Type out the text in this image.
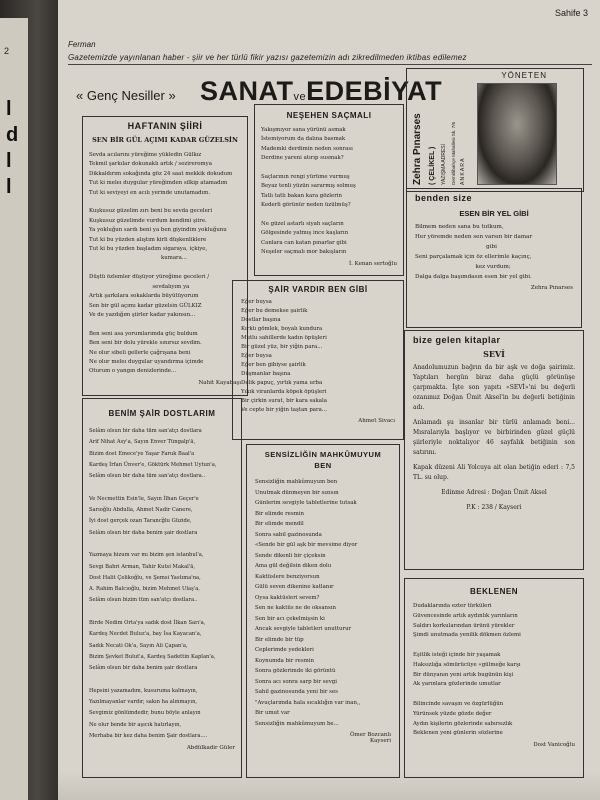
2
l
d
l
l
Sahife 3
Ferman
Gazetemizde yayınlanan haber - şiir ve her türlü fikir yazısı gazetemizin adı zikredilmeden iktibas edilemez
« Genç Nesiller » SANATveEDEBİYAT
YÖNETEN
Zehra Pınarses ( ÇELİKEL ) YAZIŞMA ADRESİ Demirlibahçe Mahallesi Sk. 7/6 A N K A R A
HAFTANIN ŞİİRİ
SEN BİR GÜL AÇIMI KADAR GÜZELSİN
Sevda acılarını yüreğime yükledin Gülkız
Tekmil şarkılar dokunaklı artık / sezireromya
Dikkaldırım sokağında göz 24 saat mekkik dokudum
Tut ki meleı duygular yüreğimden silkip atamadım
Tut ki seviyeyi en acılı yerinde unutamadım.

Kuşkusuz güzelim zırı beni bu sevda geceleri
Kuşkusuz güzelimde vurdum kendimi şiire.
Ya yokluğun sardı beni ya ben giyindim yokluğunu
Tut ki bu yüzden alıştım kirli düşkenliklere
Tut ki bu yüzden başladım sigaraya, içkiye,
kumara...

Düştü özlemler düşüyor yüreğime geceleri /
sevdalıyım ya
Artık şarkılara sokaklarda büyütüyorum
Sen bir gül açımı kadar güzelsin GÜLKIZ
Ve de yazdığım şiirler kadar yakınsın...

Ben seni asa yorumlarımda güç buldum
Ben seni bir dolu yürekle sınırsız sevdim.
Ne olur sibeli gellerle çağrışana beni
Ne olur meleı duygular uyandırma içimde
Oturum o yangın denizlerinde...
Nahit Kayabaşı
NEŞEHEN SAÇMALI
Yakışmıyor sana yürünü asmak
İstemiyorum da dalına basmak
Mademki derdimin neden sonrası
Derdine yareni atırıp susmak?

Saçlarının rengi yürüme vurmuş
Beyaz tenli yüzün sararmış solmuş
Tatlı tatlı bakan kara gözlerin
Kederli görünür neden üzülmüş?

Ne güzel astarlı siyah saçların
Gölgesinde yatmış ince kaşların
Canlara can katan pınarlar gibi
Neşeler saçmalı mor bakışların
İ. Kenan sertoğlu
benden size
ESEN BİR YEL GİBİ
Bilmem neden sana bu tutkum,
Her yöremde neden sen varsın bir damar
gibi
Seni parçalamak için öz ellerimle kaçınç,
kez vurdum;
Dalga dalga başımdasın esen bir yel gibi.
Zehra Pınarses
ŞAİR VARDIR BEN GİBİ
Eğer buysa
Eğer bu demekse şairlik
Dostlar başına
Kırklı gömlek, boyalı kundura
Mutlu sahillerde kadın öpüşleri
Bir güzel yüz, bir yiğin para...
Eğer buysa
Eğer ben gibiyse şairlik
Düşmanlar başına
Delik papuç, yırtık yama urba
Yıkık viranlarda köpek öpüşleri
Bir çirkin surat, bir kara sakala
Ve cepte bir yiğin taştan para...
Ahmet Sivacı
bize gelen kitaplar
SEVİ
Anadolumuzun bağrın da bir aşk ve doğa şairimiz. Yaptıları hergün biraz daha güçlü görünüşe çarpmakta. İşte son yapıtı «SEVİ»'ni bu değerli ozanımız Doğan Ümit Aksel'in bu değerli betiğinin adı.
Anlamadı şu insanlar bir türlü anlamadı beni... Mısralarıyla başlıyor ve birbirinden güzel güçlü şiirleriyle noktalıyor 46 sayfalık betiğinin son satırını.
Kapak düzeni Ali Yolcuya ait olan betiğin ederi : 7,5 TL. su olup.
Edinme Adresi : Doğan Ümit Aksel
P.K : 238 / Kayseri
BENİM ŞAİR DOSTLARIM
Selâm olsun bir daha tüm san'atçı dostlara
Arif Nihat Asy'a, Sayın Enver Tüngalp'ā,
Bizim dost Emece'ye Yaşar Faruk Baal'a
Kardeş İrfan Ünver'e, Göktürk Mehmet Uytun'a,
Selâm olsun bir daha tüm san'atçı dostlara..

Ve Necmettin Esin'le, Sayın İlhan Geçer'e
Sarıoğlu Abdulla, Ahmet Nadir Canere,
İyi dost gerçek ozan Tarancğlu Güzide,
Selâm olsun bir daha benim şair dostlara

Yazmaya hizum var mı bizim şen istanbul'a,
Sevgi Bahri Arman, Tahir Kutsi Makal'ā,
Dost Halit Çelikoğlu, ve Şemsi Yastıma'na,
A. Rahim Balcıoğlu, bizim Mehmet Ulaş'a,
Selâm olsun bizim tüm san'atçı dostlara..

Birde Nedim Orta'ya sadık dost İlkan Sarı'a,
Kardeş Necdet Buluz'a, bay İsa Kayacan'a,
Sadık Necati Ok'a, Sayın Ali Çapan'a,
Bizim Şevket Bulut'a, Kardeş Sadettin Kaplan'a,
Selâm olsun bir daha benim şair dostlara

Hepsini yazamadım, kusuruma kalmayın,
Yazılmayanlar vardır, sakın ha alınmayın,
Sevgimiz gönlümdedir, bunu böyle anlayın
Ne olur bende bir aşıcık hatırlayın,
Merhaba bir kez daha benim Şair dostlara....
Abdülkadir Güler
SENSİZLİĞİN MAHKÛMUYUM BEN
Sensizliğin mahkûmuyum ben
Unutmak dünmeyen bir sızısın
Günlerim sevgiyle tabletlerine tutsak
Bir elimde resmin
Bir elimde mendil
Sonra sabil gazinosunda
«Sende bir gül aşk bir mevsime diyor
Sende dikenli bir çiçeksin
Ama gül değilsin diken dolu
Kaktüslere benziyorsun
Gülü seven dikenine katlanır
Oysa kaktüsleri sevem?
Sen ne kaktüs ne de oksansın
Sen bir acı çekelmişsin ki
Ancak sevgiyle tabletleri unutturur
Bir elimde bir tüp
Ceplerimde yedekleri
Koynumda bir resmin
Sonra gözlerimde iki görüntü
Sonra acı sonra sarp bir sevgi
Sahil gazinosunda yeni bir ses
"Avuçlarımda hala sıcaklığın var inan,,
Bir umut var
Sensizliğin mahkûmuyum be...
Ömer Bozcanlı
Kayseri
BEKLENEN
Dudaklarında ezter türküleri
Güvencesinde artık aydınlık yarınların
Saldırı korkularından ürünü yürekler
Şimdi unutmada yenilik dökmen özlemi

Eşitlik isteği içinde bir yaşamak
Haksızlığa sömürücüye «gülmeğe karşı
Bir dünyanın yeni artık bugünün kişi
Ak yarınlara gözlerinde umutlar

Bilincinde savaşın ve özgürlüğün
Yürünsek yüzde gözde değer
Aydın kişilerin gözlerinde sabırsızlık
Beklenen yeni günlerin sözlerine
Dost Vanicoğlu
